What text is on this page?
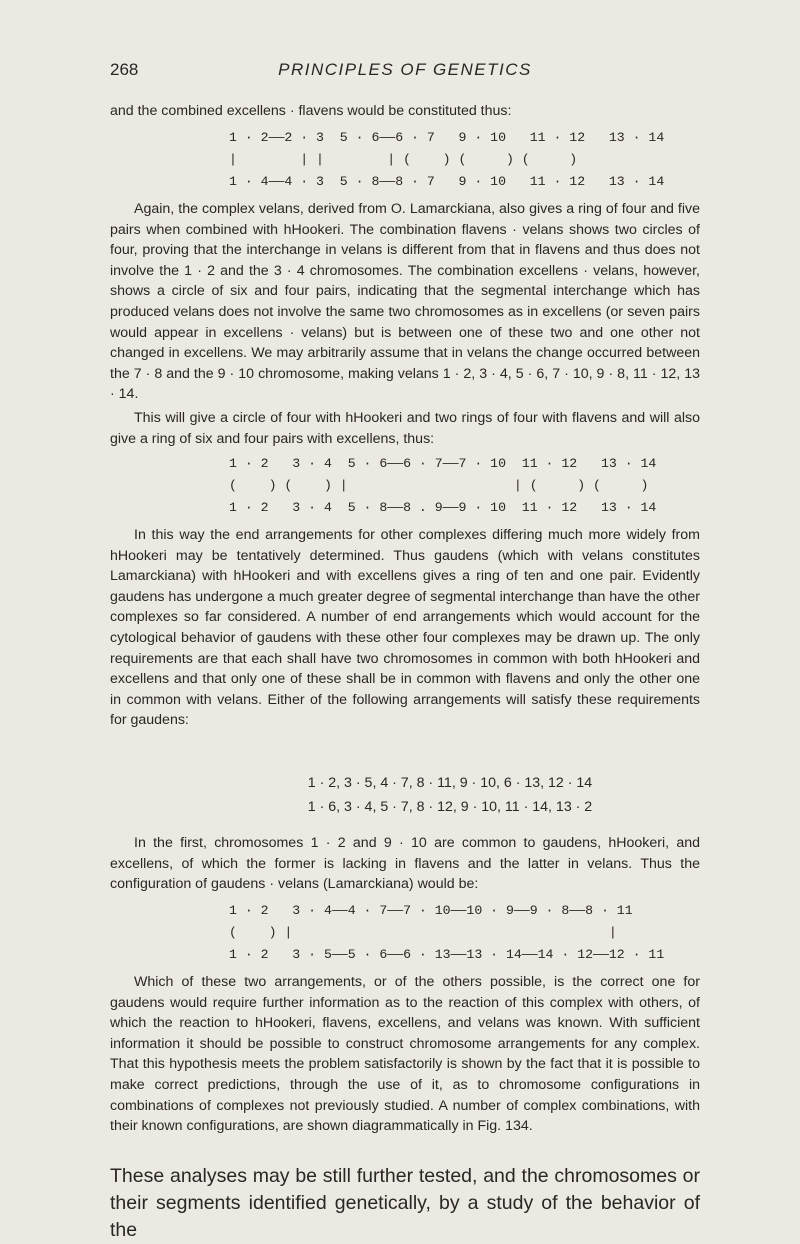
268	PRINCIPLES OF GENETICS

and the combined excellens · flavens would be constituted thus:

1 · 2——2 · 3  5 · 6——6 · 7   9 · 10   11 · 12   13 · 14
|        | |        | (    ) (     ) (     )
1 · 4——4 · 3  5 · 8——8 · 7   9 · 10   11 · 12   13 · 14

Again, the complex velans, derived from O. Lamarckiana, also gives a ring of four and five pairs when combined with hHookeri. The combination flavens · velans shows two circles of four, proving that the interchange in velans is different from that in flavens and thus does not involve the 1 · 2 and the 3 · 4 chromosomes. The combination excellens · velans, however, shows a circle of six and four pairs, indicating that the segmental interchange which has produced velans does not involve the same two chromosomes as in excellens (or seven pairs would appear in excellens · velans) but is between one of these two and one other not changed in excellens. We may arbitrarily assume that in velans the change occurred between the 7 · 8 and the 9 · 10 chromosome, making velans 1 · 2, 3 · 4, 5 · 6, 7 · 10, 9 · 8, 11 · 12, 13 · 14.

This will give a circle of four with hHookeri and two rings of four with flavens and will also give a ring of six and four pairs with excellens, thus:

1 · 2   3 · 4  5 · 6——6 · 7——7 · 10  11 · 12   13 · 14
(    ) (    ) |                     | (     ) (     )
1 · 2   3 · 4  5 · 8——8 . 9——9 · 10  11 · 12   13 · 14

In this way the end arrangements for other complexes differing much more widely from hHookeri may be tentatively determined. Thus gaudens (which with velans constitutes Lamarckiana) with hHookeri and with excellens gives a ring of ten and one pair. Evidently gaudens has undergone a much greater degree of segmental interchange than have the other complexes so far considered. A number of end arrangements which would account for the cytological behavior of gaudens with these other four complexes may be drawn up. The only requirements are that each shall have two chromosomes in common with both hHookeri and excellens and that only one of these shall be in common with flavens and only the other one in common with velans. Either of the following arrangements will satisfy these requirements for gaudens:

1 · 2, 3 · 5, 4 · 7, 8 · 11, 9 · 10, 6 · 13, 12 · 14
1 · 6, 3 · 4, 5 · 7, 8 · 12, 9 · 10, 11 · 14, 13 · 2

In the first, chromosomes 1 · 2 and 9 · 10 are common to gaudens, hHookeri, and excellens, of which the former is lacking in flavens and the latter in velans. Thus the configuration of gaudens · velans (Lamarckiana) would be:

1 · 2   3 · 4——4 · 7——7 · 10——10 · 9——9 · 8——8 · 11
(    ) |                                        |
1 · 2   3 · 5——5 · 6——6 · 13——13 · 14——14 · 12——12 · 11

Which of these two arrangements, or of the others possible, is the correct one for gaudens would require further information as to the reaction of this complex with others, of which the reaction to hHookeri, flavens, excellens, and velans was known. With sufficient information it should be possible to construct chromosome arrangements for any complex. That this hypothesis meets the problem satisfactorily is shown by the fact that it is possible to make correct predictions, through the use of it, as to chromosome configurations in combinations of complexes not previously studied. A number of complex combinations, with their known configurations, are shown diagrammatically in Fig. 134.

These analyses may be still further tested, and the chromosomes or their segments identified genetically, by a study of the behavior of the
